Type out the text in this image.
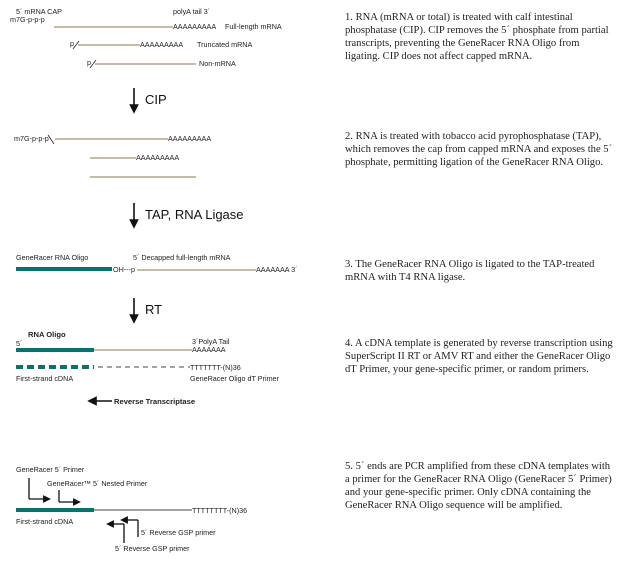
5´ mRNA CAP
m7G-p-p-p
polyA tail 3´
AAAAAAAAA Full-length mRNA
p	AAAAAAAAA Truncated mRNA
p	Non-mRNA
CIP
m7G-p-p-p	AAAAAAAAA
AAAAAAAAA
TAP, RNA Ligase
GeneRacer RNA Oligo	5´ Decapped full-length mRNA
OH---p	AAAAAAA 3´
RT
RNA Oligo
5´	3´PolyA Tail
AAAAAAA
TTTTTTT-(N)36
First-strand cDNA	GeneRacer Oligo dT Primer
Reverse Transcriptase
GeneRacer 5´ Primer
GeneRacer™ 5´ Nested Primer
TTTTTTTT-(N)36
First-strand cDNA
5´ Reverse GSP primer
5´ Reverse GSP primer

1. RNA (mRNA or total) is treated with calf intestinal phosphatase (CIP). CIP removes the 5´ phosphate from partial transcripts, preventing the GeneRacer RNA Oligo from ligating. CIP does not affect capped mRNA.

2. RNA is treated with tobacco acid pyrophosphatase (TAP), which removes the cap from capped mRNA and exposes the 5´ phosphate, permitting ligation of the GeneRacer RNA Oligo.

3. The GeneRacer RNA Oligo is ligated to the TAP-treated mRNA with T4 RNA ligase.

4. A cDNA template is generated by reverse transcription using SuperScript II RT or AMV RT and either the GeneRacer Oligo dT Primer, your gene-specific primer, or random primers.

5. 5´ ends are PCR amplified from these cDNA templates with a primer for the GeneRacer RNA Oligo (GeneRacer 5´ Primer) and your gene-specific primer. Only cDNA containing the GeneRacer RNA Oligo sequence will be amplified.
